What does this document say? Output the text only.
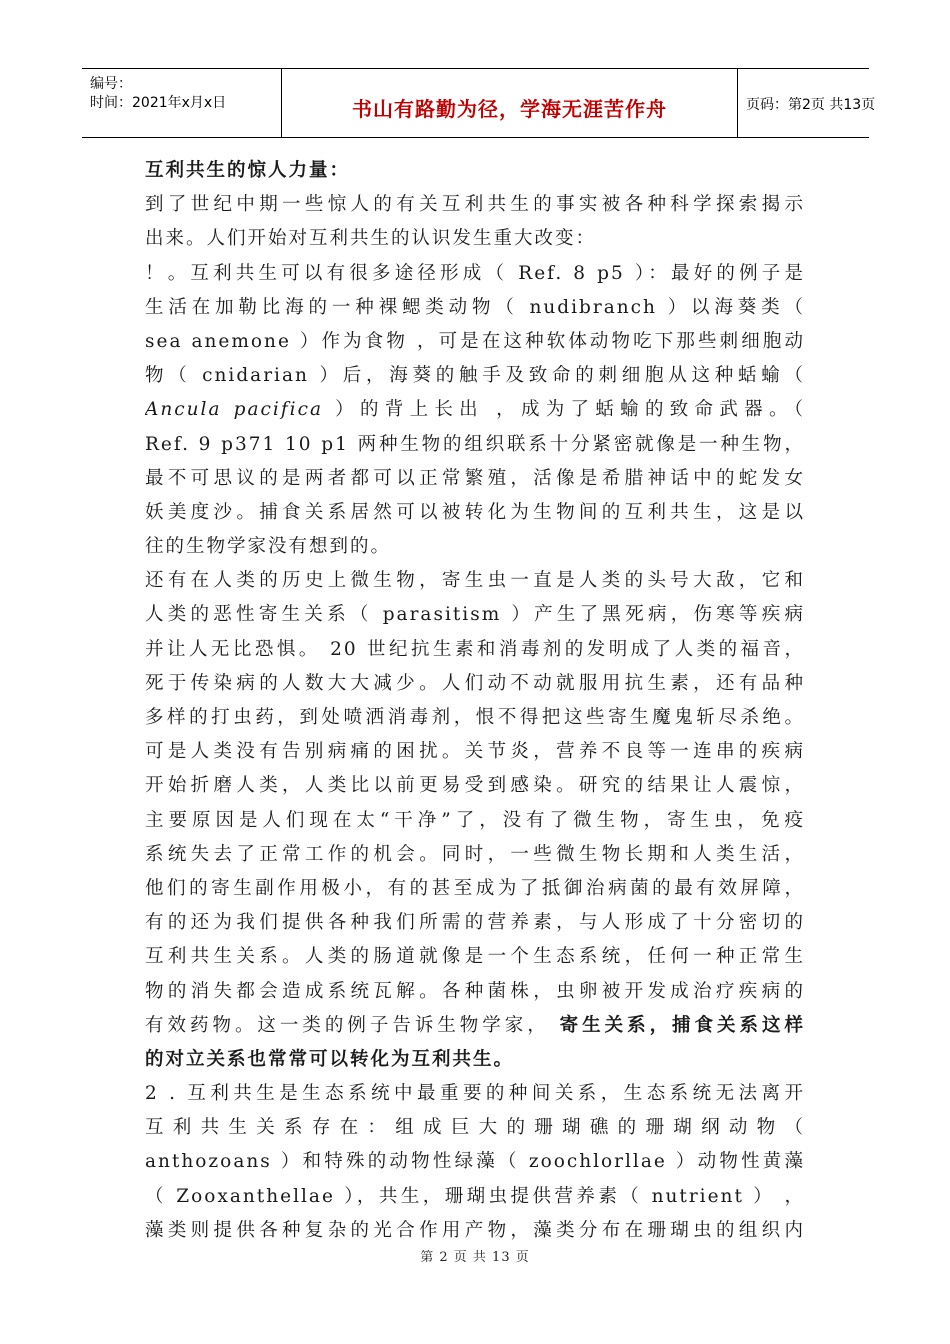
编号：
时间：2021年x月x日	书山有路勤为径，学海无涯苦作舟	页码：第2页 共13页
互利共生的惊人力量：
到了世纪中期一些惊人的有关互利共生的事实被各种科学探索揭示
出来。人们开始对互利共生的认识发生重大改变：
！。互利共生可以有很多途径形成（ Ref. 8 p5 ）：最好的例子是
生活在加勒比海的一种裸鳃类动物（ nudibranch ）以海葵类（
sea anemone ）作为食物 ，可是在这种软体动物吃下那些刺细胞动
物（ cnidarian ）后，海葵的触手及致命的刺细胞从这种蛞蝓（
Ancula pacifica ）的背上长出 ，成为了蛞蝓的致命武器。（
Ref. 9 p371 10 p1 两种生物的组织联系十分紧密就像是一种生物，
最不可思议的是两者都可以正常繁殖，活像是希腊神话中的蛇发女
妖美度沙。捕食关系居然可以被转化为生物间的互利共生，这是以
往的生物学家没有想到的。
还有在人类的历史上微生物，寄生虫一直是人类的头号大敌，它和
人类的恶性寄生关系（ parasitism ）产生了黑死病，伤寒等疾病
并让人无比恐惧。 20 世纪抗生素和消毒剂的发明成了人类的福音，
死于传染病的人数大大减少。人们动不动就服用抗生素，还有品种
多样的打虫药，到处喷洒消毒剂，恨不得把这些寄生魔鬼斩尽杀绝。
可是人类没有告别病痛的困扰。关节炎，营养不良等一连串的疾病
开始折磨人类，人类比以前更易受到感染。研究的结果让人震惊，
主要原因是人们现在太“干净”了，没有了微生物，寄生虫，免疫
系统失去了正常工作的机会。同时，一些微生物长期和人类生活，
他们的寄生副作用极小，有的甚至成为了抵御治病菌的最有效屏障，
有的还为我们提供各种我们所需的营养素，与人形成了十分密切的
互利共生关系。人类的肠道就像是一个生态系统，任何一种正常生
物的消失都会造成系统瓦解。各种菌株，虫卵被开发成治疗疾病的
有效药物。这一类的例子告诉生物学家， 寄生关系，捕食关系这样
的对立关系也常常可以转化为互利共生。
2 . 互利共生是生态系统中最重要的种间关系，生态系统无法离开
互利共生关系存在：组成巨大的珊瑚礁的珊瑚纲动物（
anthozoans ）和特殊的动物性绿藻（ zoochlorllae ）动物性黄藻
（ Zooxanthellae ），共生，珊瑚虫提供营养素（ nutrient ） ，
藻类则提供各种复杂的光合作用产物，藻类分布在珊瑚虫的组织内
第 2 页 共 13 页
